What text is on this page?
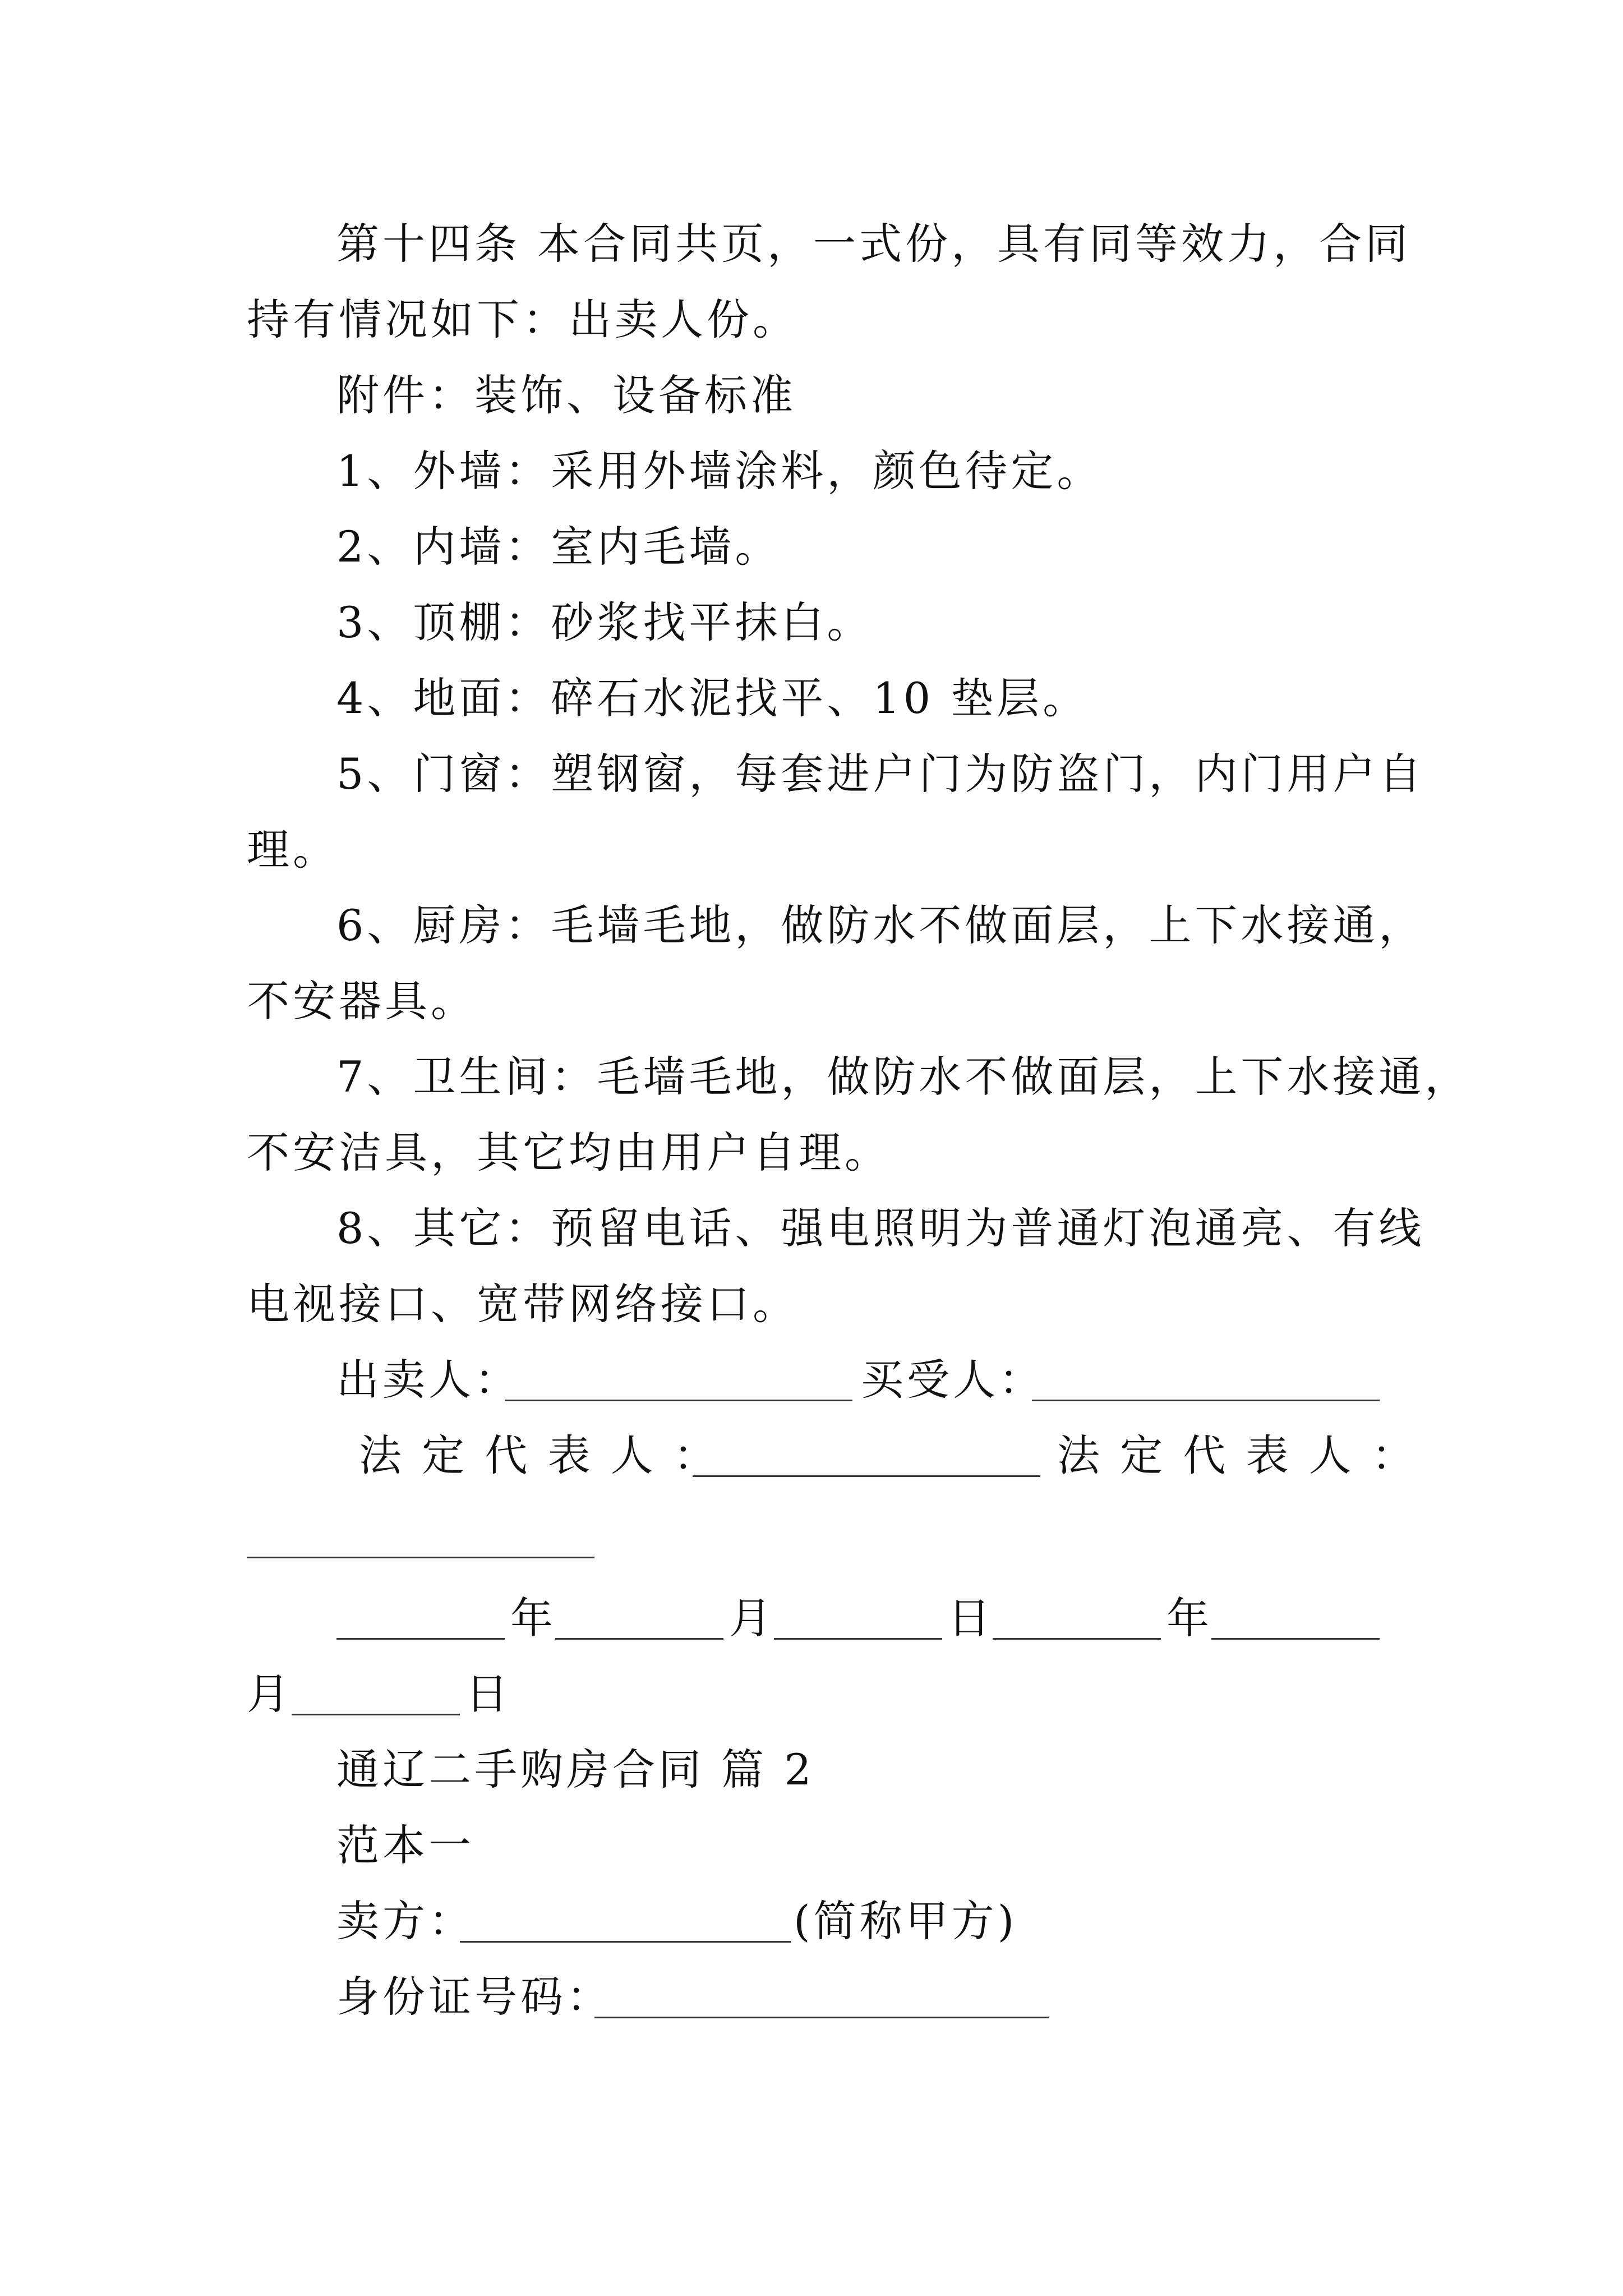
第十四条 本合同共页，一式份，具有同等效力，合同
持有情况如下：出卖人份。
附件：装饰、设备标准
1、外墙：采用外墙涂料，颜色待定。
2、内墙：室内毛墙。
3、顶棚：砂浆找平抹白。
4、地面：碎石水泥找平、10 垫层。
5、门窗：塑钢窗，每套进户门为防盗门，内门用户自
理。
6、厨房：毛墙毛地，做防水不做面层，上下水接通，
不安器具。
7、卫生间：毛墙毛地，做防水不做面层，上下水接通，
不安洁具，其它均由用户自理。
8、其它：预留电话、强电照明为普通灯泡通亮、有线
电视接口、宽带网络接口。
出卖人：	买受人：
法 定 代 表 人 ：	法 定 代 表 人 ：
年	月	日	年
月	日
通辽二手购房合同 篇 2
范本一
卖方：	(简称甲方)
身份证号码：
